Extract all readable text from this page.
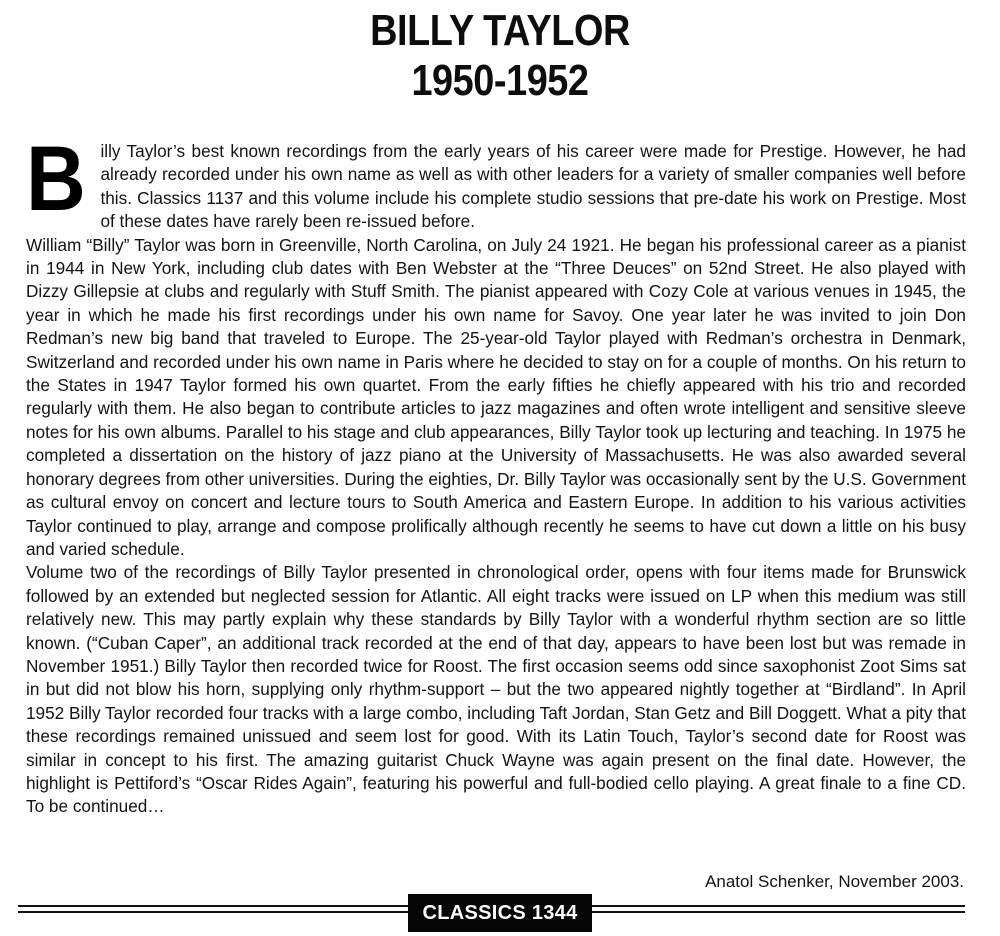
BILLY TAYLOR
1950-1952

Billy Taylor’s best known recordings from the early years of his career were made for Prestige. However, he had already recorded under his own name as well as with other leaders for a variety of smaller companies well before this. Classics 1137 and this volume include his complete studio sessions that pre-date his work on Prestige. Most of these dates have rarely been re-issued before.

William “Billy” Taylor was born in Greenville, North Carolina, on July 24 1921. He began his professional career as a pianist in 1944 in New York, including club dates with Ben Webster at the “Three Deuces” on 52nd Street. He also played with Dizzy Gillepsie at clubs and regularly with Stuff Smith. The pianist appeared with Cozy Cole at various venues in 1945, the year in which he made his first recordings under his own name for Savoy. One year later he was invited to join Don Redman’s new big band that traveled to Europe. The 25-year-old Taylor played with Redman’s orchestra in Denmark, Switzerland and recorded under his own name in Paris where he decided to stay on for a couple of months. On his return to the States in 1947 Taylor formed his own quartet. From the early fifties he chiefly appeared with his trio and recorded regularly with them. He also began to contribute articles to jazz magazines and often wrote intelligent and sensitive sleeve notes for his own albums. Parallel to his stage and club appearances, Billy Taylor took up lecturing and teaching. In 1975 he completed a dissertation on the history of jazz piano at the University of Massachusetts. He was also awarded several honorary degrees from other universities. During the eighties, Dr. Billy Taylor was occasionally sent by the U.S. Government as cultural envoy on concert and lecture tours to South America and Eastern Europe. In addition to his various activities Taylor continued to play, arrange and compose prolifically although recently he seems to have cut down a little on his busy and varied schedule.

Volume two of the recordings of Billy Taylor presented in chronological order, opens with four items made for Brunswick followed by an extended but neglected session for Atlantic. All eight tracks were issued on LP when this medium was still relatively new. This may partly explain why these standards by Billy Taylor with a wonderful rhythm section are so little known. (“Cuban Caper”, an additional track recorded at the end of that day, appears to have been lost but was remade in November 1951.) Billy Taylor then recorded twice for Roost. The first occasion seems odd since saxophonist Zoot Sims sat in but did not blow his horn, supplying only rhythm-support – but the two appeared nightly together at “Birdland”. In April 1952 Billy Taylor recorded four tracks with a large combo, including Taft Jordan, Stan Getz and Bill Doggett. What a pity that these recordings remained unissued and seem lost for good. With its Latin Touch, Taylor’s second date for Roost was similar in concept to his first. The amazing guitarist Chuck Wayne was again present on the final date. However, the highlight is Pettiford’s “Oscar Rides Again”, featuring his powerful and full-bodied cello playing. A great finale to a fine CD. To be continued…

Anatol Schenker, November 2003.
CLASSICS 1344
